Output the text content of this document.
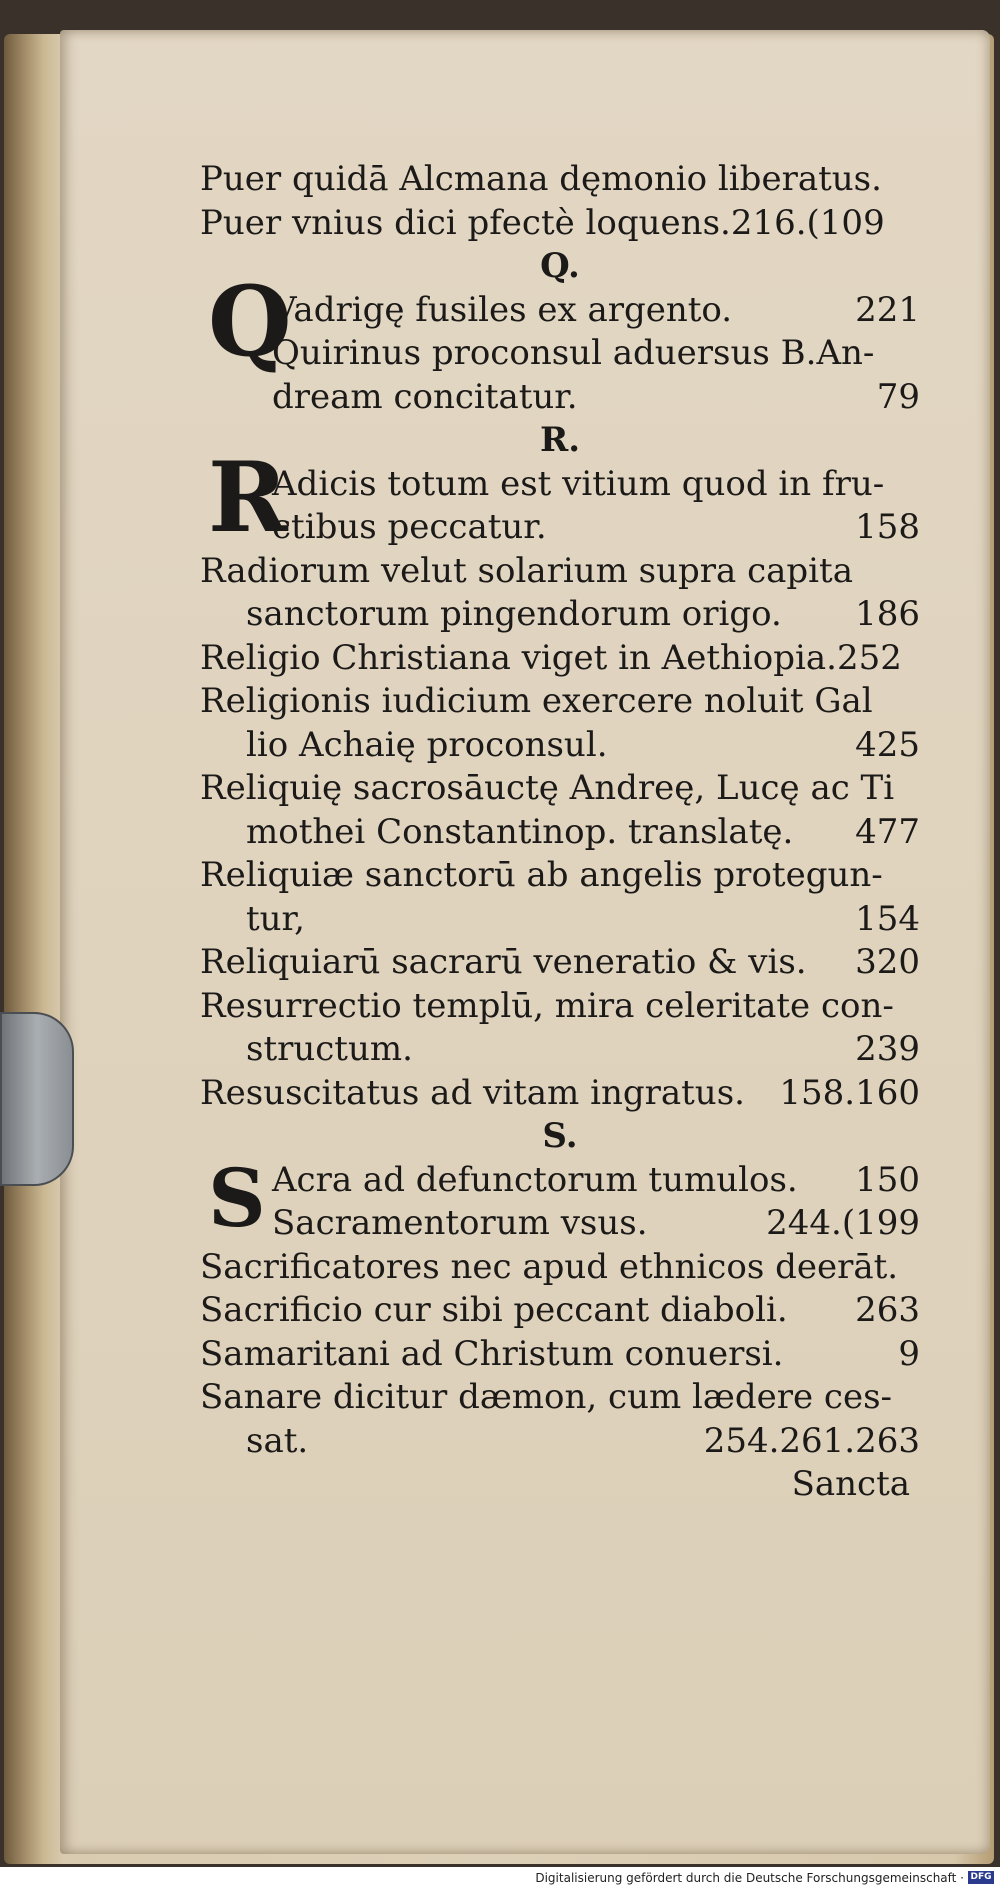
Puer quidā Alcmana dęmonio liberatus.
Puer vnius dici pfectè loquens.216.(109
Q.
Q
Vadrigę fusiles ex argento.	221
Quirinus proconsul aduersus B.An-
dream concitatur.	79
R.
R
Adicis totum est vitium quod in fru-
ctibus peccatur.	158
Radiorum velut solarium supra capita
sanctorum pingendorum origo. 186
Religio Christiana viget in Aethiopia.252
Religionis iudicium exercere noluit Gal
lio Achaię proconsul.	425
Reliquię sacrosāuctę Andreę, Lucę ac Ti
mothei Constantinop. translatę. 477
Reliquiæ sanctorū ab angelis protegun-
tur,	154
Reliquiarū sacrarū veneratio & vis. 320
Resurrectio templū, mira celeritate con-
structum.	239
Resuscitatus ad vitam ingratus. 158.160
S.
S Acra ad defunctorum tumulos. 150
Sacramentorum vsus.	244.(199
Sacrificatores nec apud ethnicos deerāt.
Sacrificio cur sibi peccant diaboli. 263
Samaritani ad Christum conuersi.	9
Sanare dicitur dæmon, cum lædere ces-
sat.	254.261.263
Sancta
Digitalisierung gefördert durch die Deutsche Forschungsgemeinschaft · DFG
